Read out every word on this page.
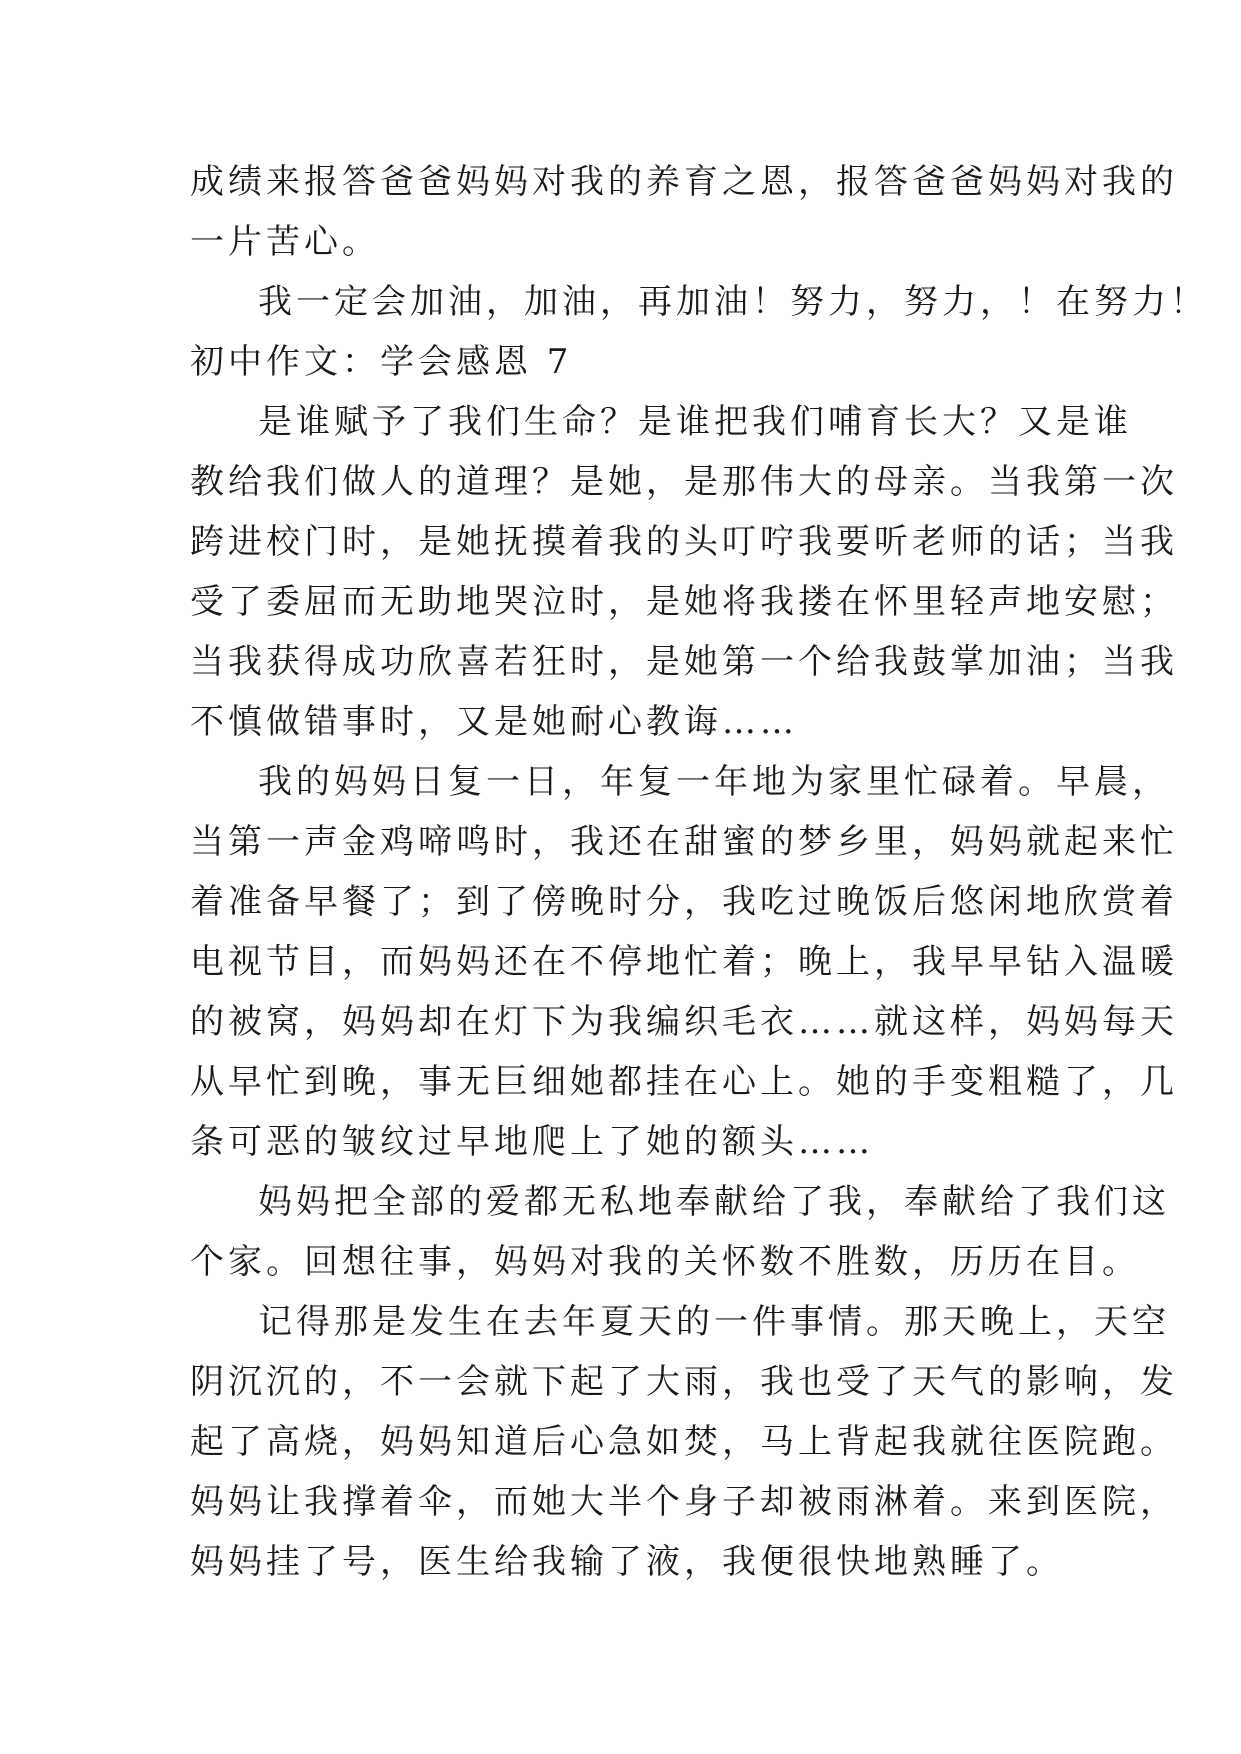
成绩来报答爸爸妈妈对我的养育之恩，报答爸爸妈妈对我的
一片苦心。
我一定会加油，加油，再加油！努力，努力，！在努力！
初中作文：学会感恩 7
是谁赋予了我们生命？是谁把我们哺育长大？又是谁
教给我们做人的道理？是她，是那伟大的母亲。当我第一次
跨进校门时，是她抚摸着我的头叮咛我要听老师的话；当我
受了委屈而无助地哭泣时，是她将我搂在怀里轻声地安慰；
当我获得成功欣喜若狂时，是她第一个给我鼓掌加油；当我
不慎做错事时，又是她耐心教诲……
我的妈妈日复一日，年复一年地为家里忙碌着。早晨，
当第一声金鸡啼鸣时，我还在甜蜜的梦乡里，妈妈就起来忙
着准备早餐了；到了傍晚时分，我吃过晚饭后悠闲地欣赏着
电视节目，而妈妈还在不停地忙着；晚上，我早早钻入温暖
的被窝，妈妈却在灯下为我编织毛衣……就这样，妈妈每天
从早忙到晚，事无巨细她都挂在心上。她的手变粗糙了，几
条可恶的皱纹过早地爬上了她的额头……
妈妈把全部的爱都无私地奉献给了我，奉献给了我们这
个家。回想往事，妈妈对我的关怀数不胜数，历历在目。
记得那是发生在去年夏天的一件事情。那天晚上，天空
阴沉沉的，不一会就下起了大雨，我也受了天气的影响，发
起了高烧，妈妈知道后心急如焚，马上背起我就往医院跑。
妈妈让我撑着伞，而她大半个身子却被雨淋着。来到医院，
妈妈挂了号，医生给我输了液，我便很快地熟睡了。
